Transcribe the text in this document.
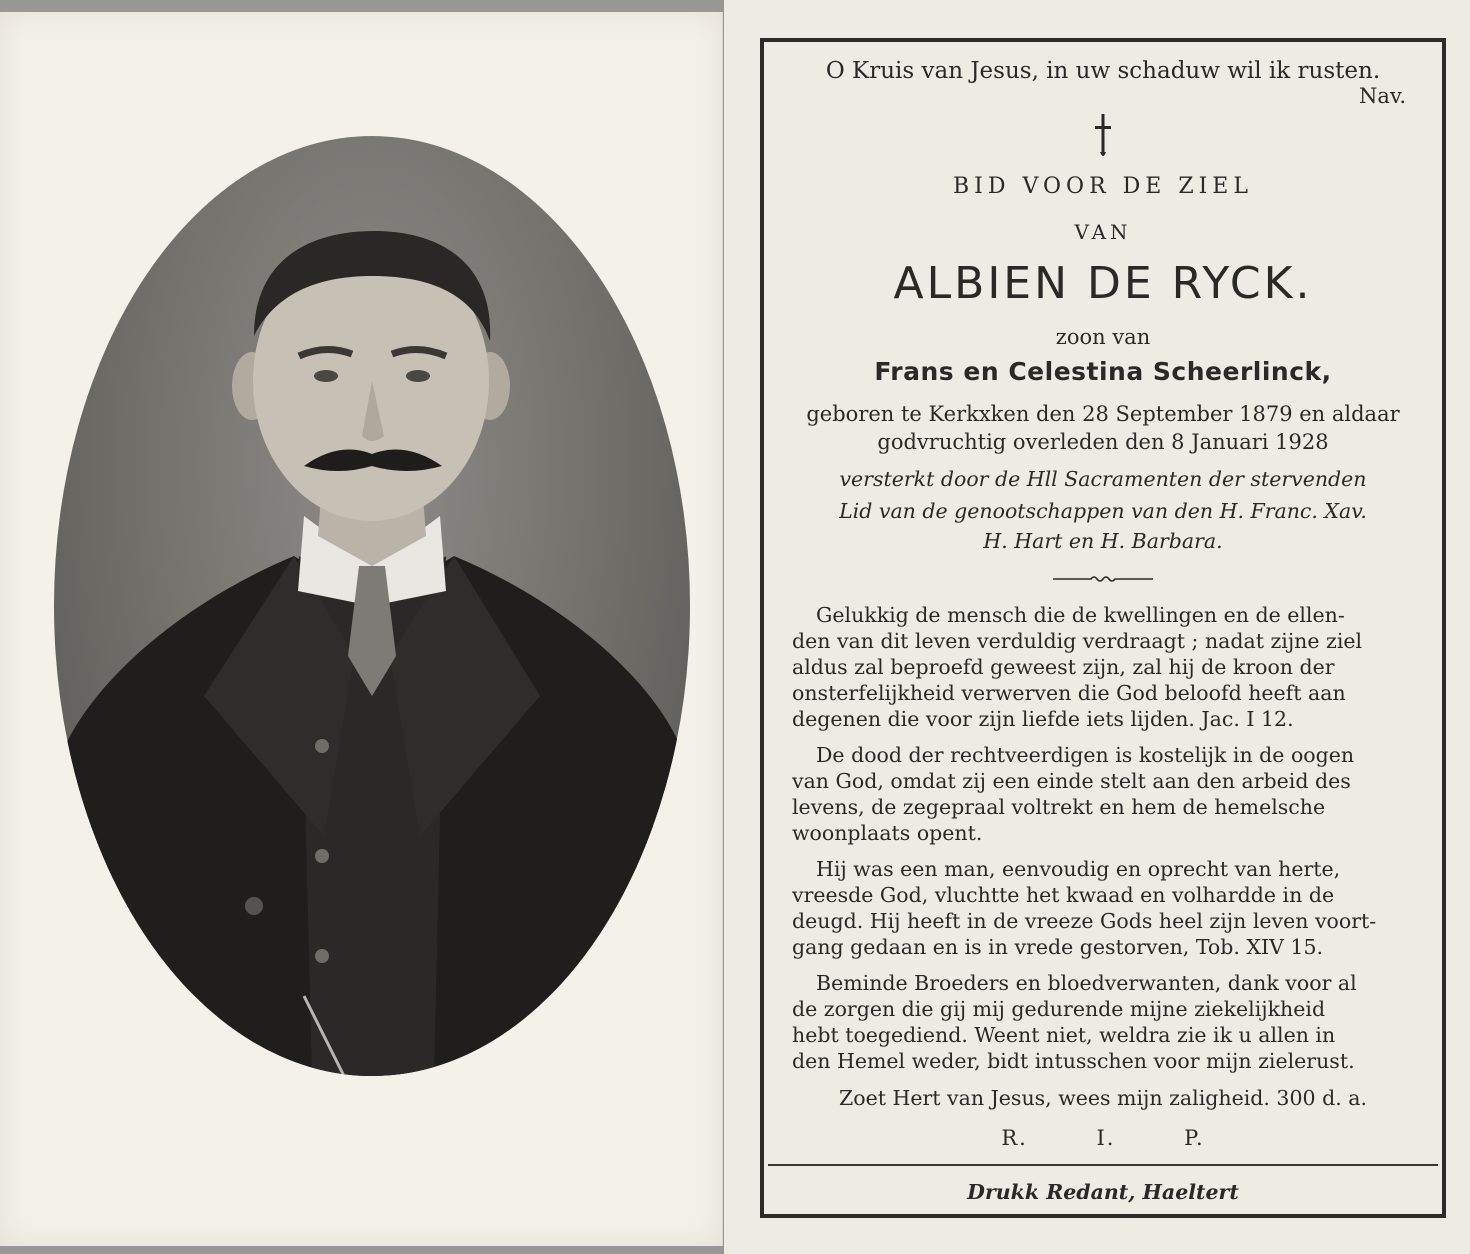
O Kruis van Jesus, in uw schaduw wil ik rusten.
Nav.
BID VOOR DE ZIEL
VAN
ALBIEN DE RYCK.
zoon van
Frans en Celestina Scheerlinck,
geboren te Kerkxken den 28 September 1879 en aldaar
godvruchtig overleden den 8 Januari 1928
versterkt door de Hll Sacramenten der stervenden
Lid van de genootschappen van den H. Franc. Xav.
H. Hart en H. Barbara.
Gelukkig de mensch die de kwellingen en de ellen-
den van dit leven verduldig verdraagt ; nadat zijne ziel
aldus zal beproefd geweest zijn, zal hij de kroon der
onsterfelijkheid verwerven die God beloofd heeft aan
degenen die voor zijn liefde iets lijden. Jac. I 12.
De dood der rechtveerdigen is kostelijk in de oogen
van God, omdat zij een einde stelt aan den arbeid des
levens, de zegepraal voltrekt en hem de hemelsche
woonplaats opent.
Hij was een man, eenvoudig en oprecht van herte,
vreesde God, vluchtte het kwaad en volhardde in de
deugd. Hij heeft in de vreeze Gods heel zijn leven voort-
gang gedaan en is in vrede gestorven, Tob. XIV 15.
Beminde Broeders en bloedverwanten, dank voor al
de zorgen die gij mij gedurende mijne ziekelijkheid
hebt toegediend. Weent niet, weldra zie ik u allen in
den Hemel weder, bidt intusschen voor mijn zielerust.
Zoet Hert van Jesus, wees mijn zaligheid. 300 d. a.
R. I. P.
Drukk Redant, Haeltert
